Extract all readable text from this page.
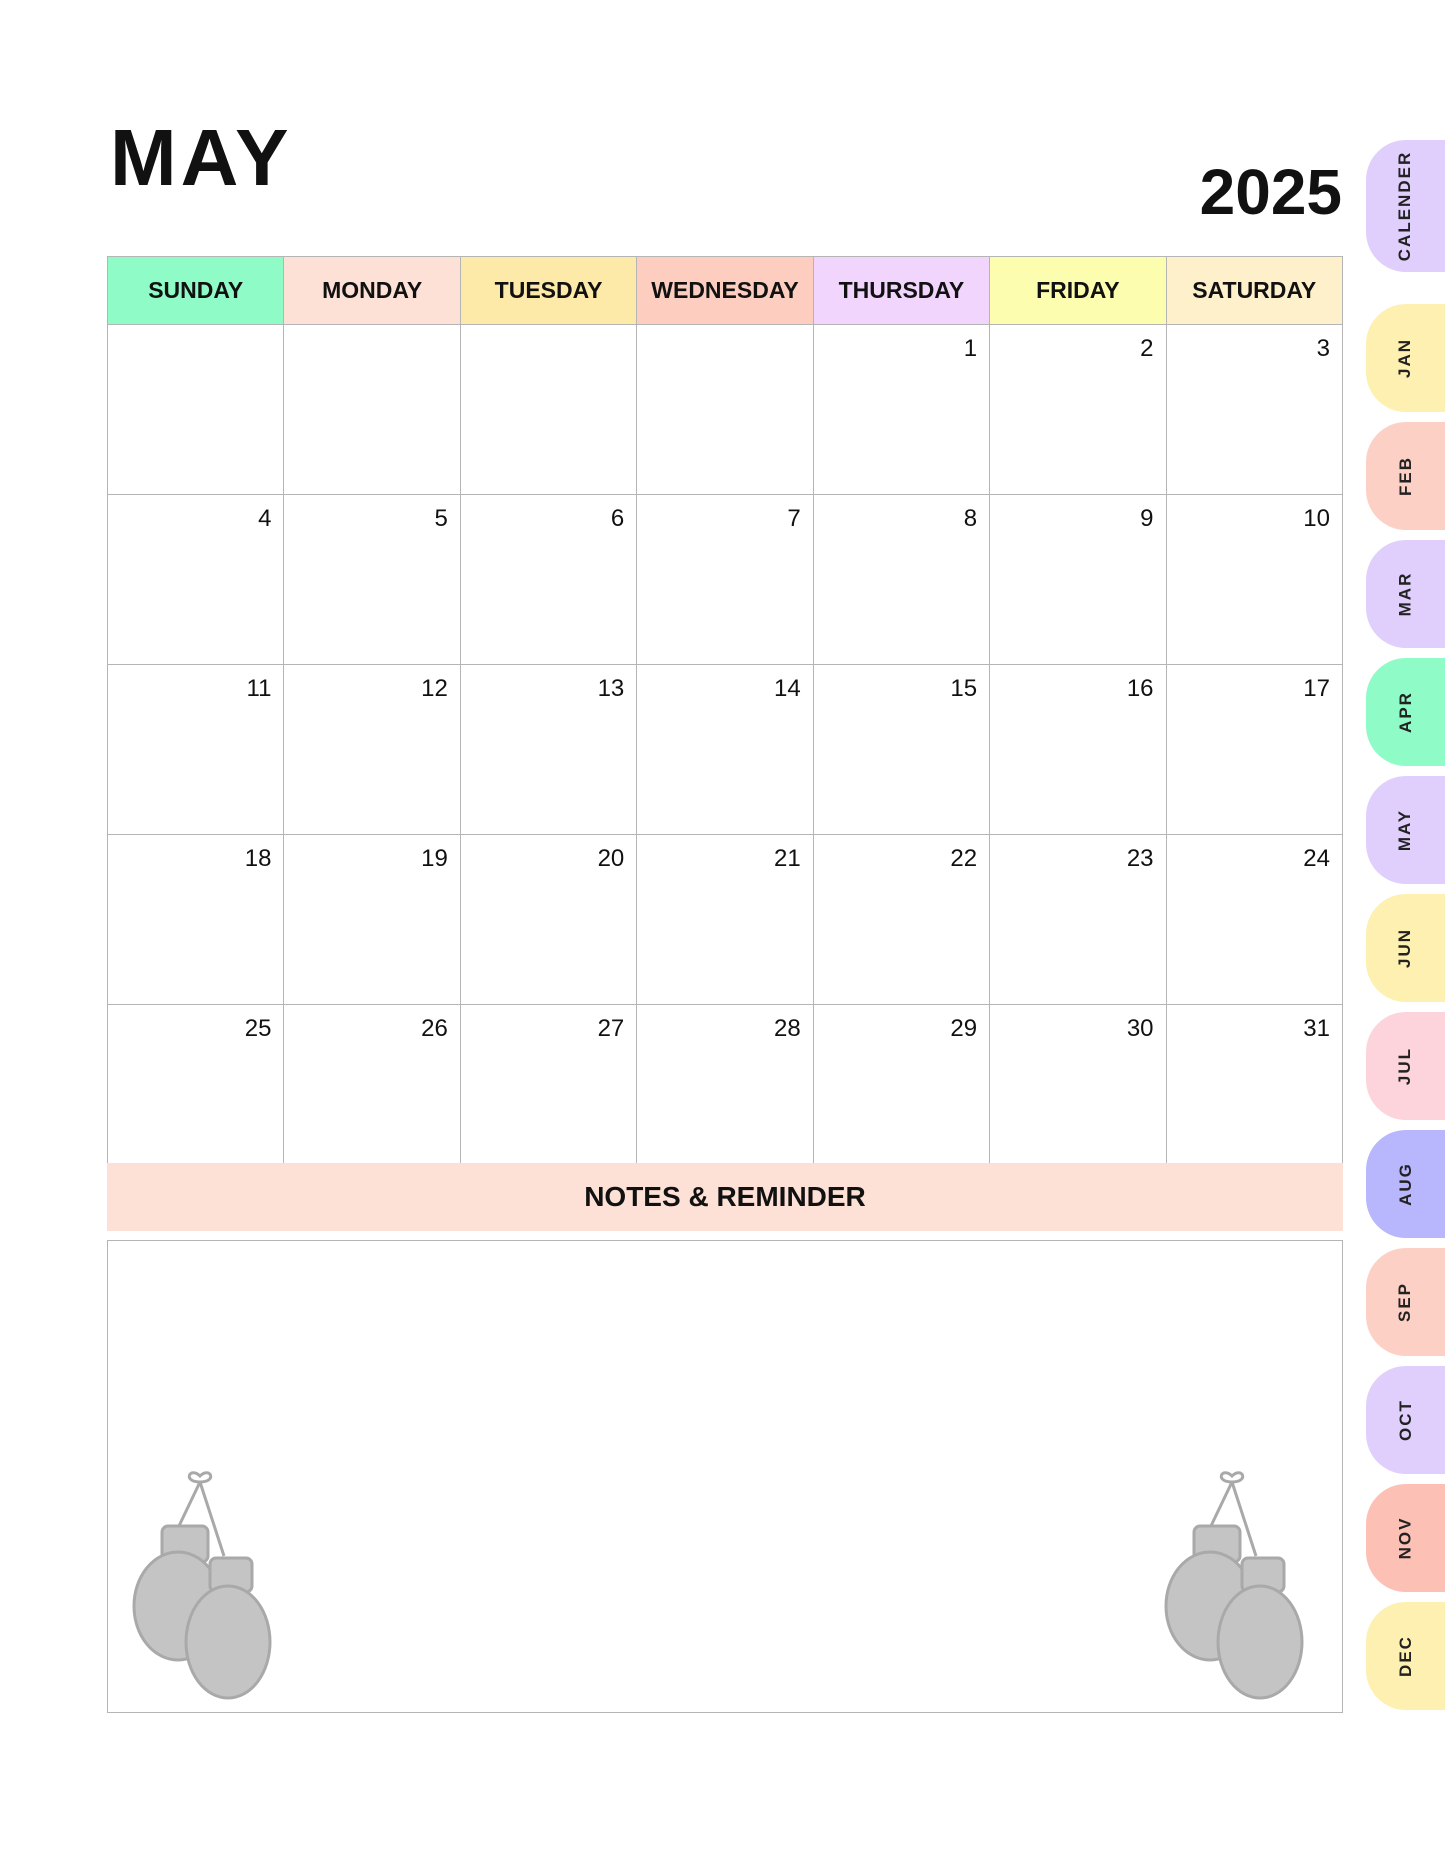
MAY	2025
SUNDAY	MONDAY	TUESDAY	WEDNESDAY	THURSDAY	FRIDAY	SATURDAY
				1	2	3
4	5	6	7	8	9	10
11	12	13	14	15	16	17
18	19	20	21	22	23	24
25	26	27	28	29	30	31
NOTES & REMINDER
CALENDER
JAN
FEB
MAR
APR
MAY
JUN
JUL
AUG
SEP
OCT
NOV
DEC
